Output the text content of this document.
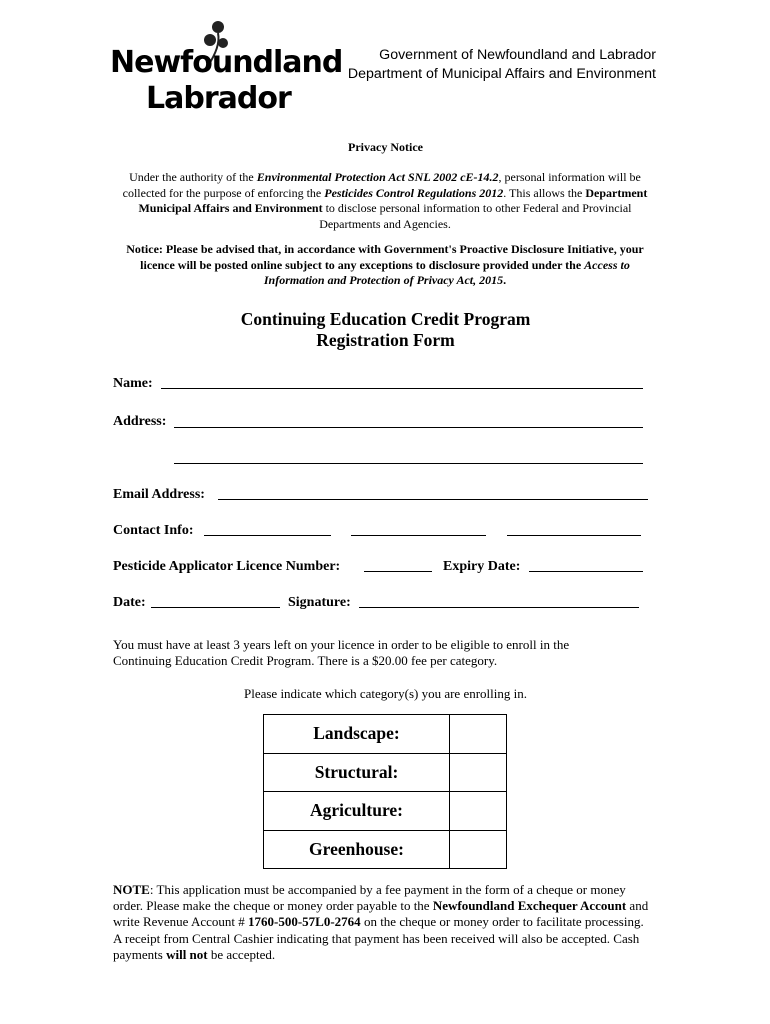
Newfoundland
Labrador
Government of Newfoundland and Labrador
Department of Municipal Affairs and Environment
Privacy Notice
Under the authority of the Environmental Protection Act SNL 2002 cE-14.2, personal information will be collected for the purpose of enforcing the Pesticides Control Regulations 2012. This allows the Department Municipal Affairs and Environment to disclose personal information to other Federal and Provincial Departments and Agencies.
Notice: Please be advised that, in accordance with Government's Proactive Disclosure Initiative, your licence will be posted online subject to any exceptions to disclosure provided under the Access to Information and Protection of Privacy Act, 2015.
Continuing Education Credit Program
Registration Form
Name:
Address:
Email Address:
Contact Info:
Pesticide Applicator Licence Number:	Expiry Date:
Date:	Signature:
You must have at least 3 years left on your licence in order to be eligible to enroll in the
Continuing Education Credit Program. There is a $20.00 fee per category.
Please indicate which category(s) you are enrolling in.
Landscape:	
Structural:	
Agriculture:	
Greenhouse:	
NOTE: This application must be accompanied by a fee payment in the form of a cheque or money order. Please make the cheque or money order payable to the Newfoundland Exchequer Account and write Revenue Account # 1760-500-57L0-2764 on the cheque or money order to facilitate processing. A receipt from Central Cashier indicating that payment has been received will also be accepted. Cash payments will not be accepted.
